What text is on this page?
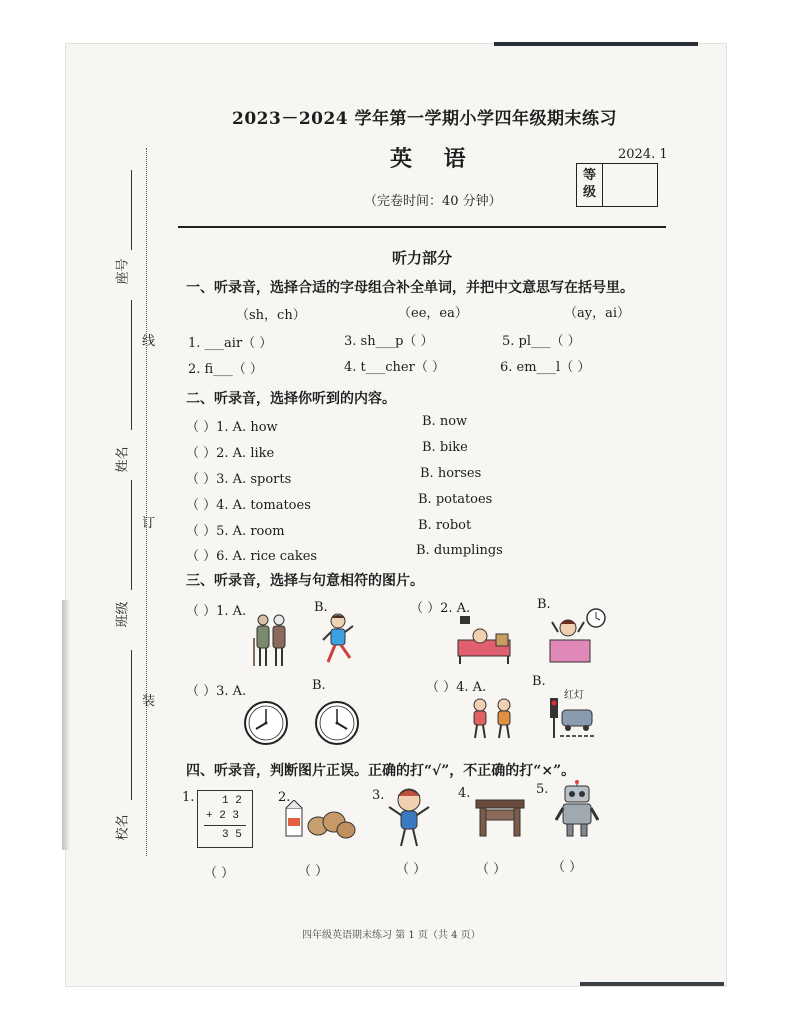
2023－2024 学年第一学期小学四年级期末练习
英 语	2024. 1
（完卷时间：40 分钟）
等级
线
订
装
座号
姓名
班级
校名
听力部分
一、听录音，选择合适的字母组合补全单词，并把中文意思写在括号里。
（sh，ch）	（ee，ea）	（ay，ai）
1. ___air（ ）	3. sh___p（ ）	5. pl___（ ）
2. fi___（ ）	4. t___cher（ ）	6. em___l（ ）
二、听录音，选择你听到的内容。
（ ）1. A. how	B. now
（ ）2. A. like	B. bike
（ ）3. A. sports	B. horses
（ ）4. A. tomatoes	B. potatoes
（ ）5. A. room	B. robot
（ ）6. A. rice cakes	B. dumplings
三、听录音，选择与句意相符的图片。
（ ）1. A.	B.	（ ）2. A.	B.
（ ）3. A.	B.	（ ）4. A.	B.
红灯
四、听录音，判断图片正误。正确的打“√”，不正确的打“×”。
1.	1 2
+ 2 3
3 5
2.	3.	4.	5.
（ ）	（ ）	（ ）	（ ）	（ ）
四年级英语期末练习 第 1 页（共 4 页）
